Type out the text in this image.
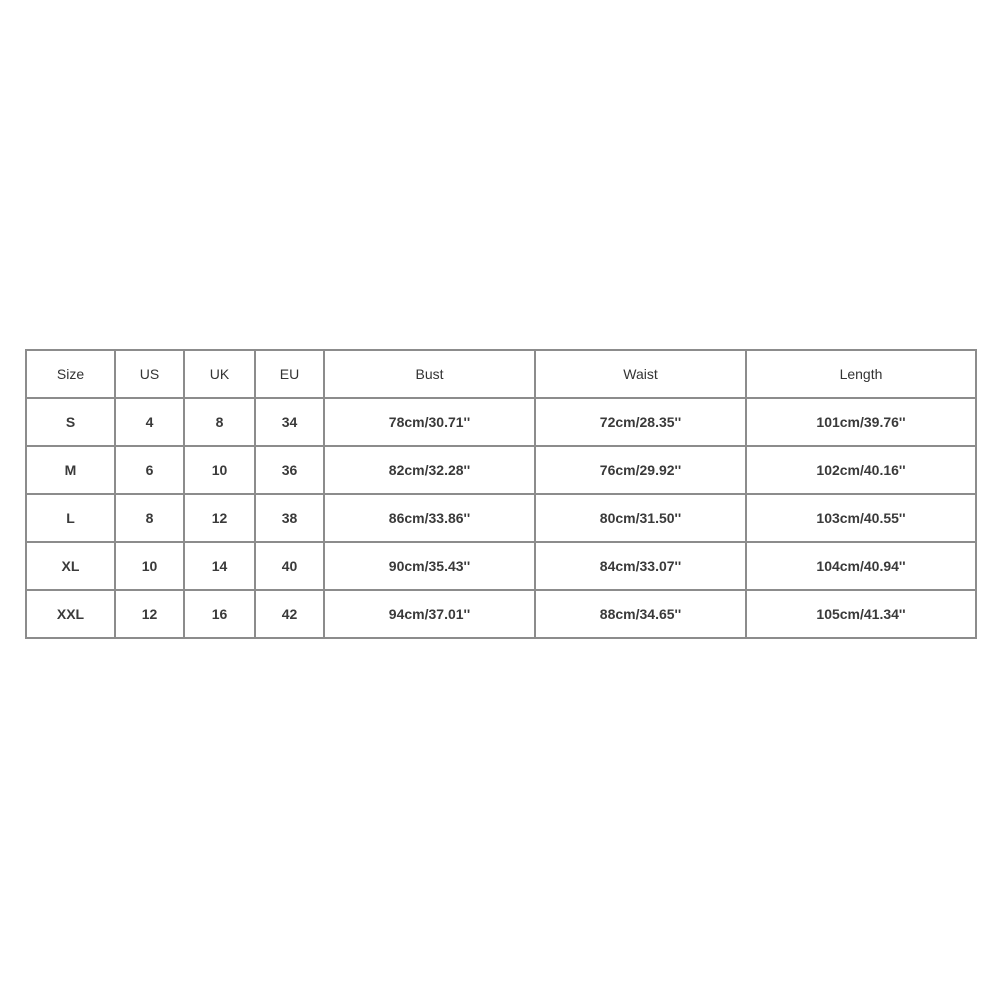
Size	US	UK	EU	Bust	Waist	Length
S	4	8	34	78cm/30.71''	72cm/28.35''	101cm/39.76''
M	6	10	36	82cm/32.28''	76cm/29.92''	102cm/40.16''
L	8	12	38	86cm/33.86''	80cm/31.50''	103cm/40.55''
XL	10	14	40	90cm/35.43''	84cm/33.07''	104cm/40.94''
XXL	12	16	42	94cm/37.01''	88cm/34.65''	105cm/41.34''
